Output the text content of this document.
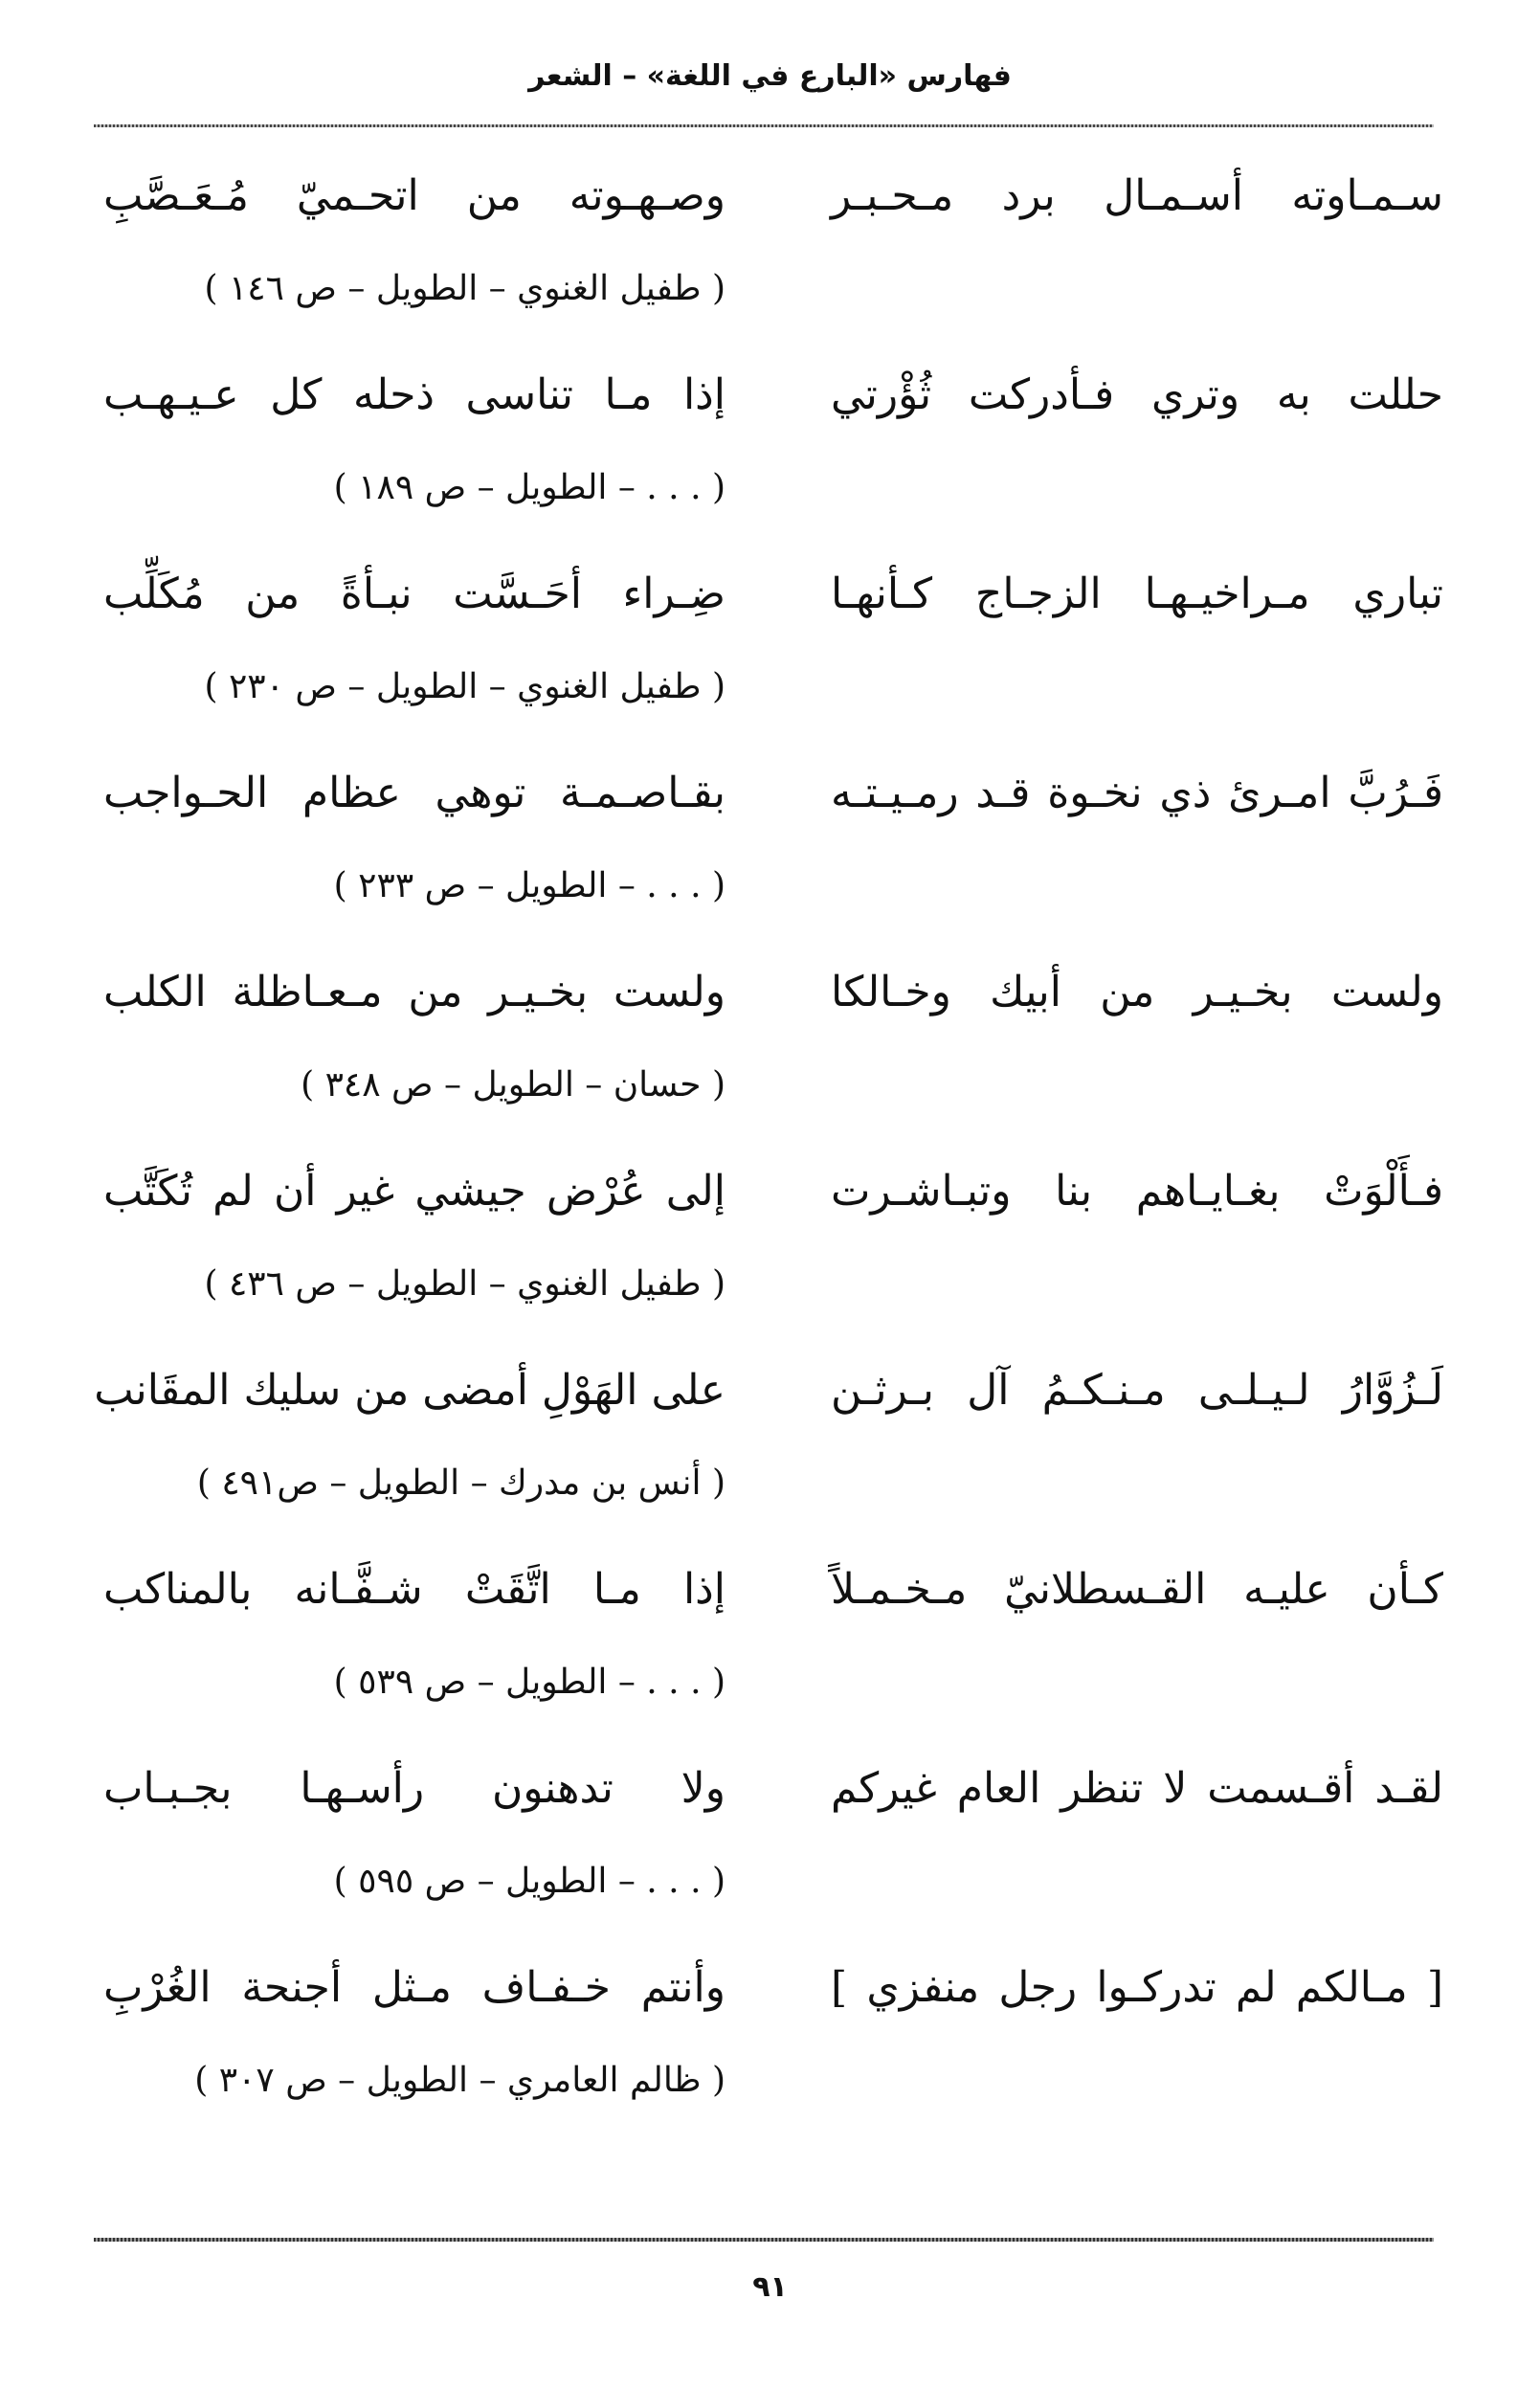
فهارس «البارع في اللغة» – الشعر
سـمـاوته أسـمـال برد مـحـبـر
وصـهـوته من اتحـميّ مُـعَـصَّبِ
( طفيل الغنوي – الطويل – ص ١٤٦ )
حللت به وتري فـأدركت ثُؤْرتي
إذا مـا تناسى ذحله كل عـيـهـب
( . . . – الطويل – ص ١٨٩ )
تباري مـراخيـهـا الزجـاج كـأنهـا
ضِـراء أحَـسَّت نبـأةً من مُكَلِّب
( طفيل الغنوي – الطويل – ص ٢٣٠ )
فَـرُبَّ امـرئ ذي نخـوة قـد رمـيـتـه
بقـاصـمـة توهي عظام الحـواجب
( . . . – الطويل – ص ٢٣٣ )
ولست بخـيـر من أبيك وخـالكا
ولست بخـيـر من مـعـاظلة الكلب
( حسان – الطويل – ص ٣٤٨ )
فـأَلْوَتْ بغـايـاهم بنا وتبـاشـرت
إلى عُرْض جيشي غير أن لم تُكَتَّب
( طفيل الغنوي – الطويل – ص ٤٣٦ )
لَـزُوَّارُ لـيـلـى مـنـكـمُ آل بـرثـن
على الهَوْلِ أمضى من سليك المقَانب
( أنس بن مدرك – الطويل – ص٤٩١ )
كـأن عليـه القـسطلانيّ مـخـمـلاً
إذا مـا اتَّقَتْ شـفَّـانه بالمناكب
( . . . – الطويل – ص ٥٣٩ )
لقـد أقـسمت لا تنظر العام غيركم
ولا تدهنون رأسـهـا بجـبـاب
( . . . – الطويل – ص ٥٩٥ )
[ مـالكم لم تدركـوا رجل منفزي ]
وأنتم خـفـاف مـثل أجنحة الغُرْبِ
( ظالم العامري – الطويل – ص ٣٠٧ )
٩١
